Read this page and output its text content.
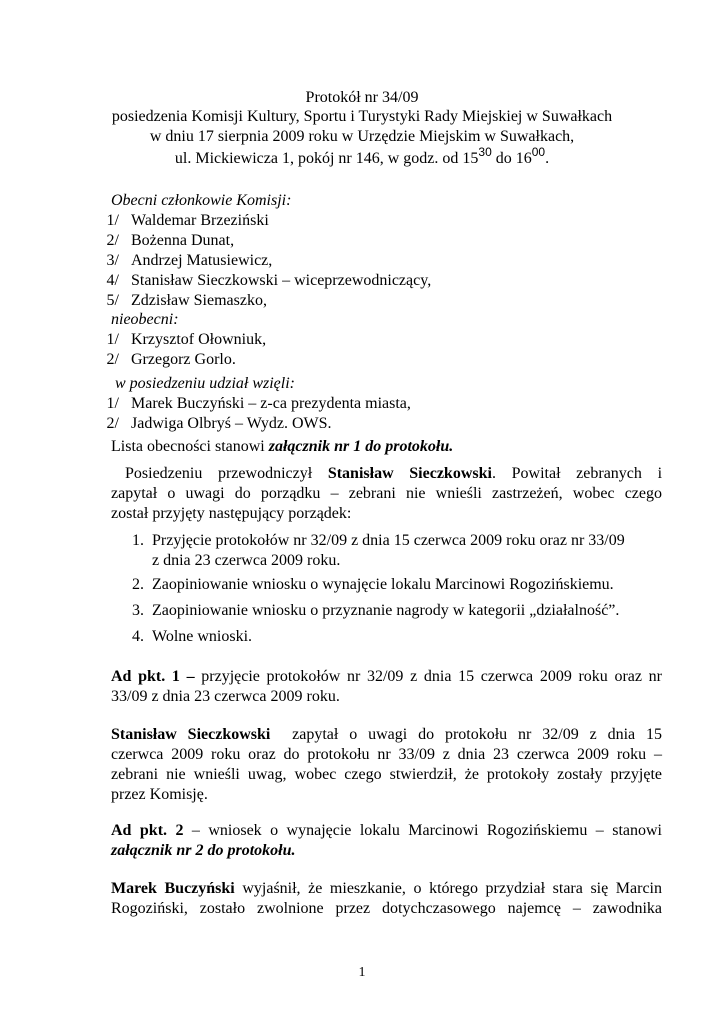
Protokół nr 34/09
posiedzenia Komisji Kultury, Sportu i Turystyki Rady Miejskiej w Suwałkach
w dniu 17 sierpnia 2009 roku w Urzędzie Miejskim w Suwałkach,
ul. Mickiewicza 1, pokój nr 146, w godz. od $15^{30}$ do $16^{00}$.
Obecni członkowie Komisji:
1/ Waldemar Brzeziński
2/ Bożenna Dunat,
3/ Andrzej Matusiewicz,
4/ Stanisław Sieczkowski – wiceprzewodniczący,
5/ Zdzisław Siemaszko,
nieobecni:
1/ Krzysztof Ołowniuk,
2/ Grzegorz Gorlo.
w posiedzeniu udział wzięli:
1/ Marek Buczyński – z-ca prezydenta miasta,
2/ Jadwiga Olbryś – Wydz. OWS.
Lista obecności stanowi załącznik nr 1 do protokołu.
Posiedzeniu przewodniczył Stanisław Sieczkowski. Powitał zebranych i
zapytał o uwagi do porządku – zebrani nie wnieśli zastrzeżeń, wobec czego
został przyjęty następujący porządek:
1. Przyjęcie protokołów nr 32/09 z dnia 15 czerwca 2009 roku oraz nr 33/09
z dnia 23 czerwca 2009 roku.
2. Zaopiniowanie wniosku o wynajęcie lokalu Marcinowi Rogozińskiemu.
3. Zaopiniowanie wniosku o przyznanie nagrody w kategorii „działalność”.
4. Wolne wnioski.
Ad pkt. 1 – przyjęcie protokołów nr 32/09 z dnia 15 czerwca 2009 roku oraz nr
33/09 z dnia 23 czerwca 2009 roku.
Stanisław Sieczkowski  zapytał o uwagi do protokołu nr 32/09 z dnia 15
czerwca 2009 roku oraz do protokołu nr 33/09 z dnia 23 czerwca 2009 roku –
zebrani nie wnieśli uwag, wobec czego stwierdził, że protokoły zostały przyjęte
przez Komisję.
Ad pkt. 2 – wniosek o wynajęcie lokalu Marcinowi Rogozińskiemu – stanowi
załącznik nr 2 do protokołu.
Marek Buczyński wyjaśnił, że mieszkanie, o którego przydział stara się Marcin
Rogoziński, zostało zwolnione przez dotychczasowego najemcę – zawodnika
1
